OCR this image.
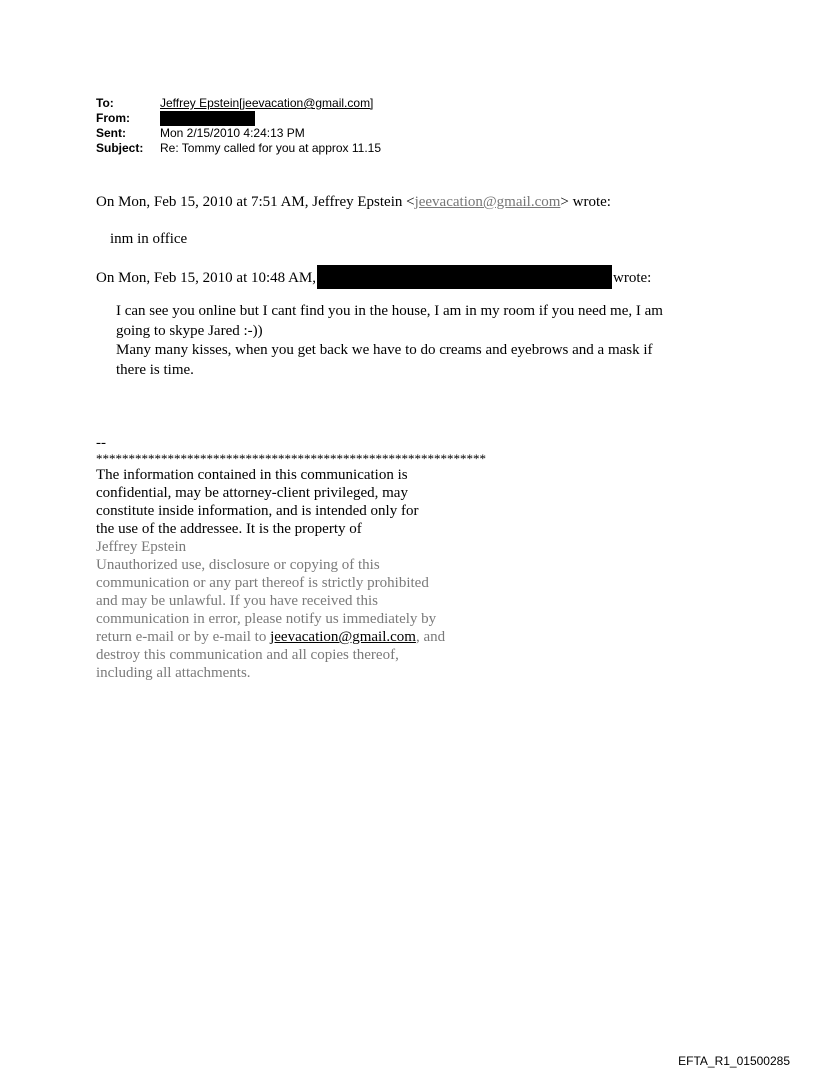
To:	Jeffrey Epstein[jeevacation@gmail.com]
From:
Sent:	Mon 2/15/2010 4:24:13 PM
Subject:	Re: Tommy called for you at approx 11.15
On Mon, Feb 15, 2010 at 7:51 AM, Jeffrey Epstein <jeevacation@gmail.com> wrote:
inm in office
On Mon, Feb 15, 2010 at 10:48 AM,	wrote:
I can see you online but I cant find you in the house, I am in my room if you need me, I am
going to skype Jared :-))
Many many kisses, when you get back we have to do creams and eyebrows and a mask if
there is time.
--
************************************************************
The information contained in this communication is
confidential, may be attorney-client privileged, may
constitute inside information, and is intended only for
the use of the addressee. It is the property of
Jeffrey Epstein
Unauthorized use, disclosure or copying of this
communication or any part thereof is strictly prohibited
and may be unlawful. If you have received this
communication in error, please notify us immediately by
return e-mail or by e-mail to jeevacation@gmail.com, and
destroy this communication and all copies thereof,
including all attachments.
EFTA_R1_01500285
